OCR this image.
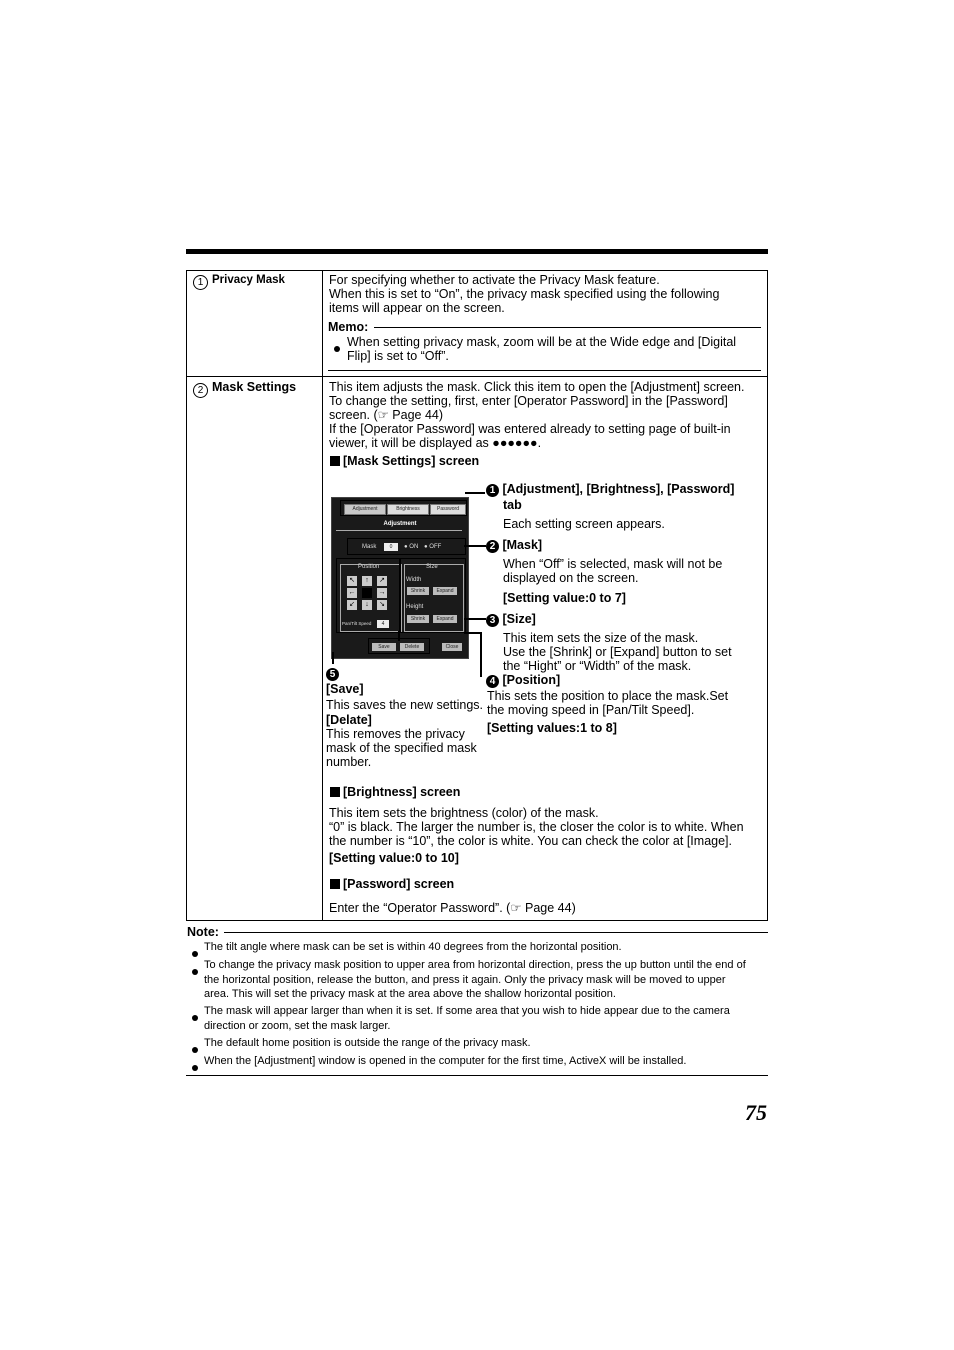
1 Privacy Mask	For specifying whether to activate the Privacy Mask feature.
When this is set to “On”, the privacy mask specified using the following
items will appear on the screen.
Memo:
When setting privacy mask, zoom will be at the Wide edge and [Digital
Flip] is set to “Off”.
2 Mask Settings	This item adjusts the mask. Click this item to open the [Adjustment] screen.
To change the setting, first, enter [Operator Password] in the [Password]
screen. (☞ Page 44)
If the [Operator Password] was entered already to setting page of built-in
viewer, it will be displayed as ●●●●●●.
[Mask Settings] screen
Adjustment	Brightness	Password
Adjustment
Mask	0	● ON ● OFF
Position
↖	↑	↗
←	→
↙	↓	↘
Pan/Tilt Speed	4
Size
Width
Shrink	Expand
Height
Shrink	Expand
Save	Delete	Close
1 [Adjustment], [Brightness], [Password]
tab
Each setting screen appears.
2 [Mask]
When “Off” is selected, mask will not be
displayed on the screen.
[Setting value:0 to 7]
3 [Size]
This item sets the size of the mask.
Use the [Shrink] or [Expand] button to set
the “Hight” or “Width” of the mask.
4 [Position]
This sets the position to place the mask.Set
the moving speed in [Pan/Tilt Speed].
[Setting values:1 to 8]
5
[Save]
This saves the new settings.
[Delate]
This removes the privacy
mask of the specified mask
number.
[Brightness] screen
This item sets the brightness (color) of the mask.
“0” is black. The larger the number is, the closer the color is to white. When
the number is “10”, the color is white. You can check the color at [Image].
[Setting value:0 to 10]
[Password] screen
Enter the “Operator Password”. (☞ Page 44)
Note:
The tilt angle where mask can be set is within 40 degrees from the horizontal position.
To change the privacy mask position to upper area from horizontal direction, press the up button until the end of
the horizontal position, release the button, and press it again. Only the privacy mask will be moved to upper
area. This will set the privacy mask at the area above the shallow horizontal position.
The mask will appear larger than when it is set. If some area that you wish to hide appear due to the camera
direction or zoom, set the mask larger.
The default home position is outside the range of the privacy mask.
When the [Adjustment] window is opened in the computer for the first time, ActiveX will be installed.
75
